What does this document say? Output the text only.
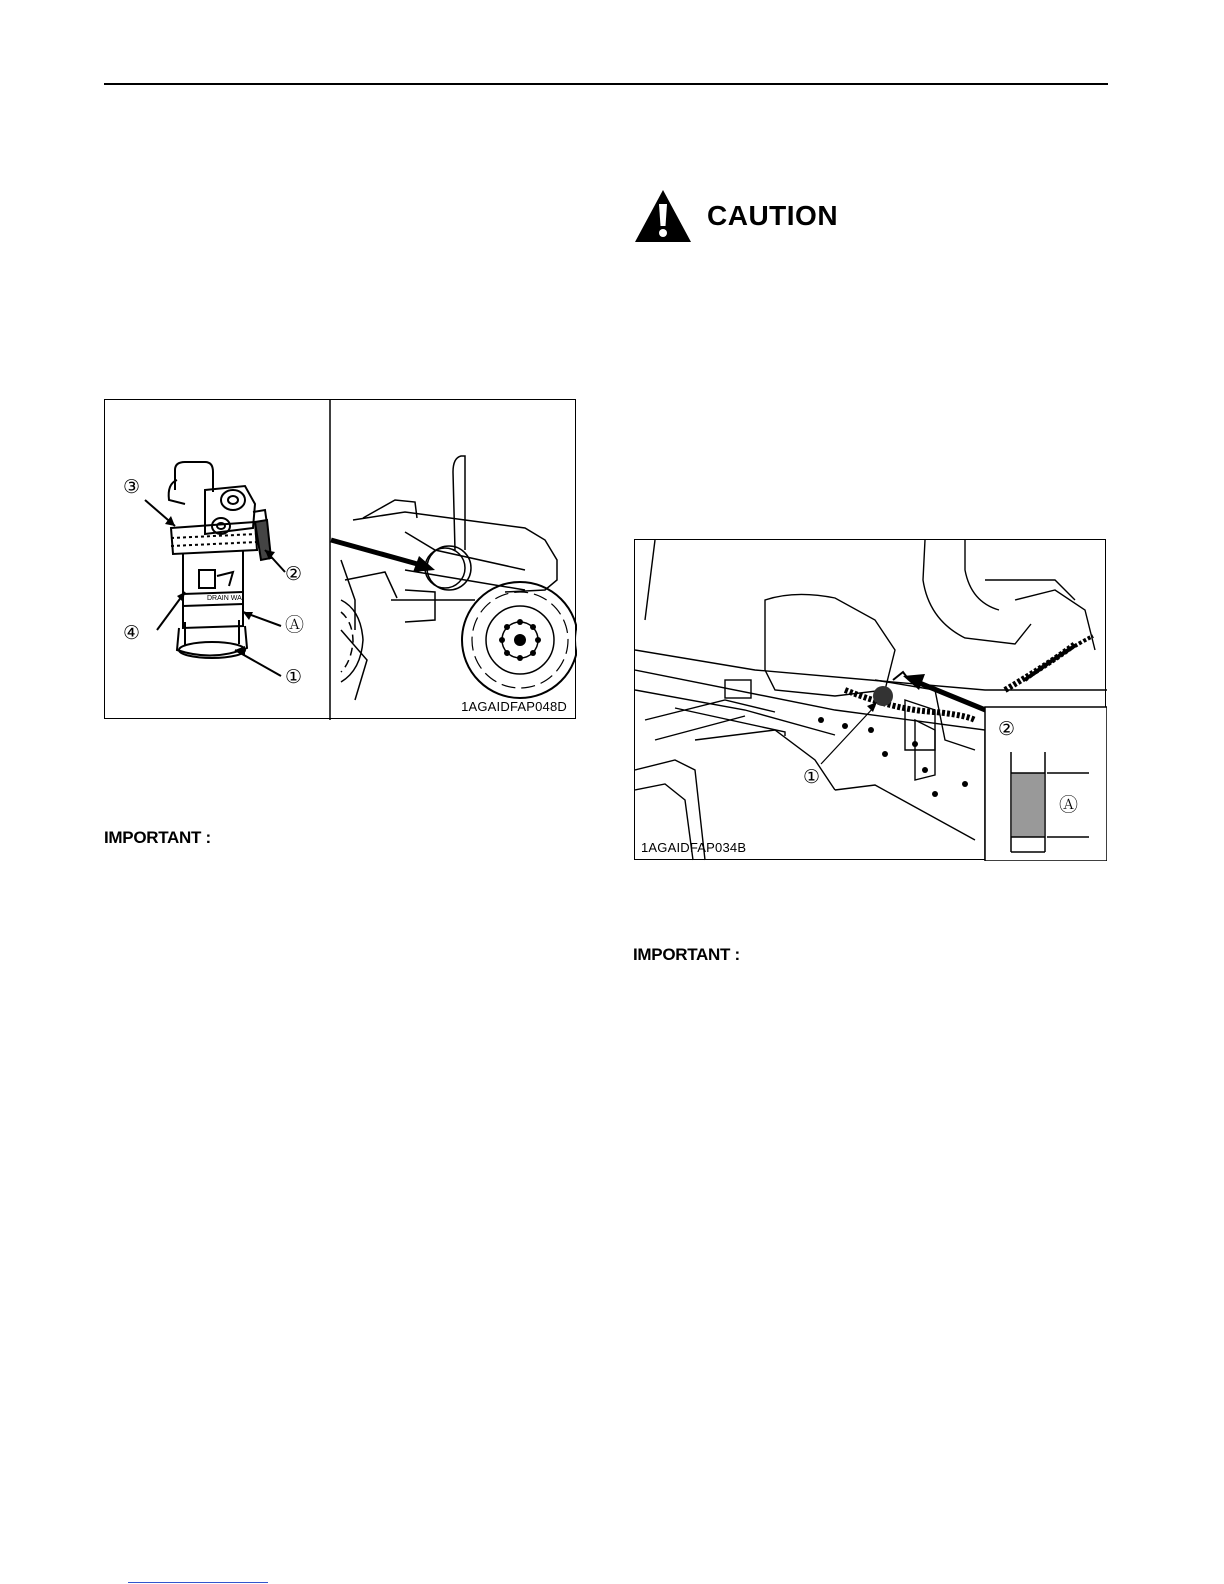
CAUTION
DRAIN WA
③
②
④	Ⓐ
①
1AGAIDFAP048D
IMPORTANT :
①
②
Ⓐ
1AGAIDFAP034B
IMPORTANT :
